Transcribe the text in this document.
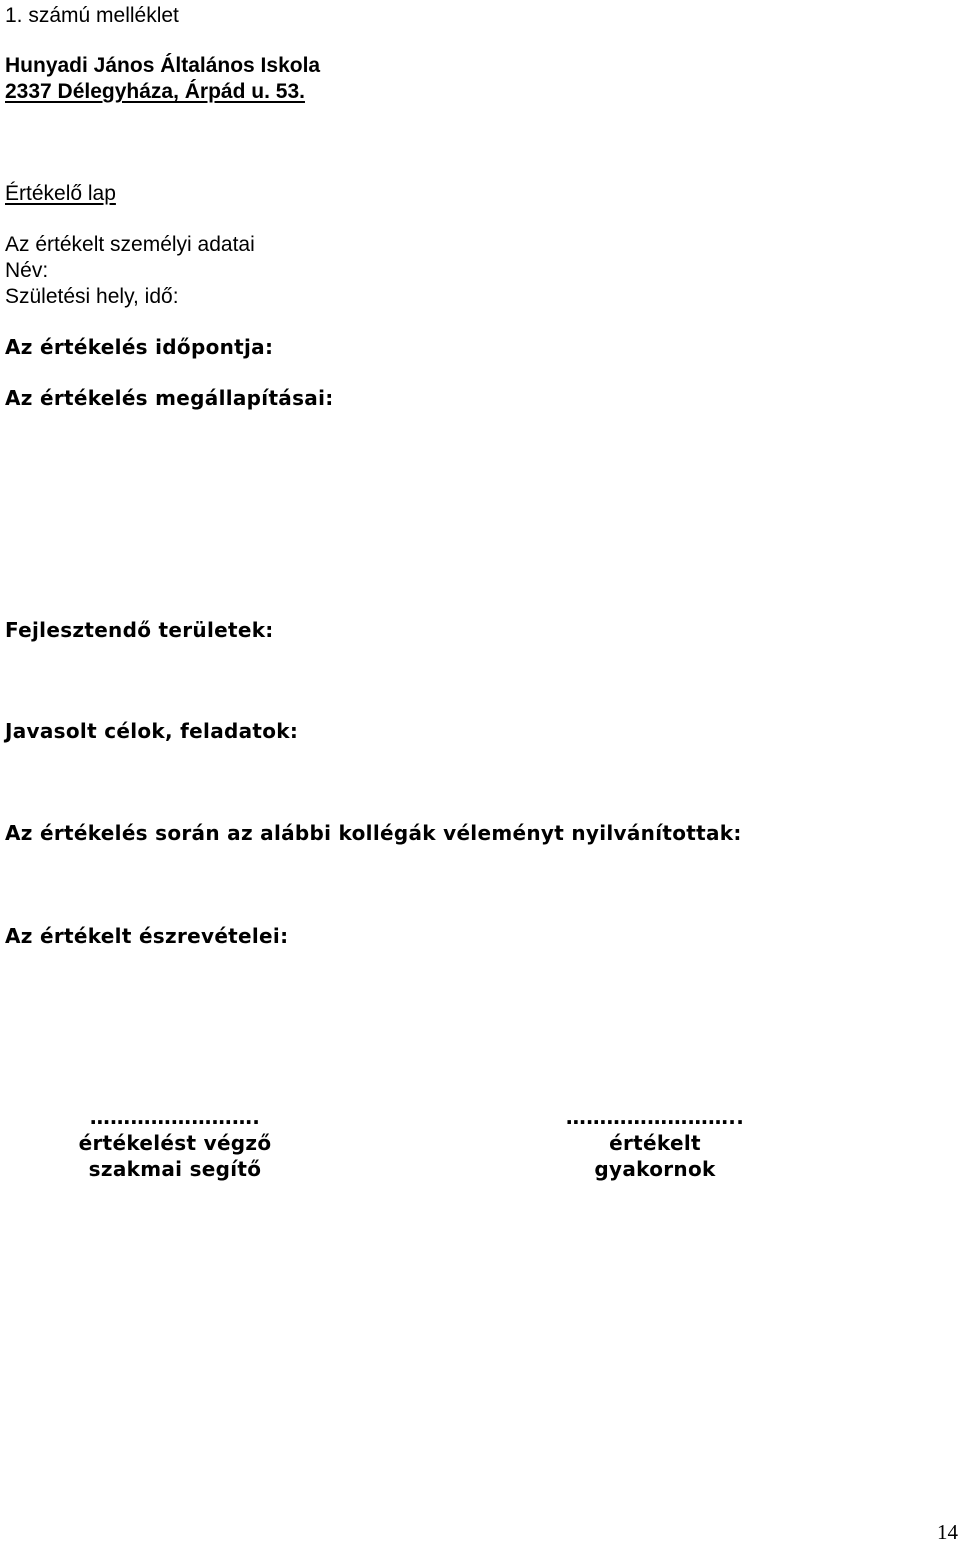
1. számú melléklet
Hunyadi János Általános Iskola
2337 Délegyháza, Árpád u. 53.
Értékelő lap
Az értékelt személyi adatai
Név:
Születési hely, idő:
Az értékelés időpontja:
Az értékelés megállapításai:
Fejlesztendő területek:
Javasolt célok, feladatok:
Az értékelés során az alábbi kollégák véleményt nyilvánítottak:
Az értékelt észrevételei:
…………………….
értékelést végző
szakmai segítő
……………………..
értékelt
gyakornok
14
